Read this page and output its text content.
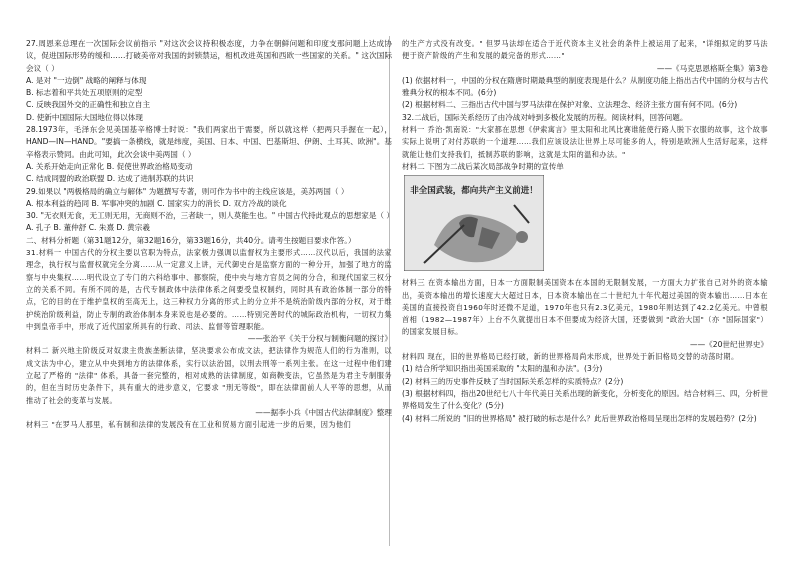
27.周恩来总理在一次国际会议前指示 "对这次会议持积极态度，力争在朝鲜问题和印度支那问题上达成协议，促进国际形势的缓和……打破美帝对我国的封锁禁运，相机改进英国和西欧一些国家的关系。" 这次国际会议（ ）

A. 是对 "一边倒" 战略的阐释与体现

B. 标志着和平共处五项原则的定型

C. 反映我国外交的正确性和独立自主

D. 使新中国国际大国地位得以体现

28.1973年，毛泽东会见美国基辛格博士时说："我们两家出于需要，所以就这样（把两只手握在一起），HAND—IN—HAND。"要搞一条横线，就是纬度，美国、日本、中国、巴基斯坦、伊朗、土耳其、欧洲"。基辛格表示赞同。由此可知，此次会谈中美两国（ ）

A. 关系开始走向正常化 B. 促使世界政治格局变动

C. 结成同盟的政治联盟 D. 达成了进制苏联的共识

29.如果以 "两极格局的确立与解体" 为题撰写专著，则可作为书中的主线应该是，美苏两国（ ）

A. 根本利益的趋同 B. 军事冲突的加剧 C. 国家实力的消长 D. 双方冷战的谈化

30. "无衣则无食，无工则无用，无商则不治，三者缺一，则人莫能生也。" 中国古代持此观点的思想家是（ ）

A. 孔子 B. 董仲舒 C. 朱熹 D. 黄宗羲

二、材料分析题（第31题12分，第32题16分，第33题16分，共40分。请考生按题目要求作答。）

31.材料一 中国古代的分权主要以官职为特点，法家极力强调以监督权为主要形式……汉代以后，我国的法家理念，执行权与监督权就完全分离……从一定意义上讲，元代御史台是监察方面的一种分开，加强了地方的监察与中央集权……明代设立了专门的六科给事中、都察院，使中央与地方官员之间的分合，和现代国家三权分立的关系不同。有所不同的是，古代专制政体中法律体系之间要受皇权制约，同时具有政治体制一部分的特点，它的目的在于维护皇权的至高无上，这三种权力分离的形式上的分立并不是统治阶级内部的分权，对于维护统治阶级利益，防止专制的政治体制本身来说也是必要的。……特别完善时代的城际政治机构，一切权力集中到皇帝手中，形成了近代国家所具有的行政、司法、监督等管理职能。

——张治平《关于分权与制衡问题的探讨》

材料二 新兴地主阶级反对奴隶主贵族垄断法律，坚决要求公布成文法，把法律作为规范人们的行为准则，以成文法为中心，建立从中央到地方的法律体系，实行以法治国，以刑去刑等一系列主张。在这一过程中他们建立起了严格的 "法律" 体系，具备一套完整的，相对成熟的法律制度，如商鞅变法，它虽然是为君主专制服务的，但在当时历史条件下，具有重大的进步意义，它要求 "刑无等级"，即在法律面前人人平等的思想，从而推动了社会的变革与发展。

——据李小兵《中国古代法律制度》整理

材料三 "在罗马人那里，私有制和法律的发展没有在工业和贸易方面引起进一步的后果，因为他们

的生产方式没有改变。" 但罗马法却在适合于近代资本主义社会的条件上被运用了起来，"详细拟定的罗马法便于资产阶级的产生和发展的最完备的形式……"

——《马克思恩格斯全集》第3卷

(1) 依据材料一，中国的分权在隋唐时期最典型的制度表现是什么？从制度功能上指出古代中国的分权与古代雅典分权的根本不同。(6分)

(2) 根据材料二、三指出古代中国与罗马法律在保护对象、立法理念、经济主张方面有何不同。(6分)

32.二战后，国际关系经历了由冷战对峙到多极化发展的历程。阅读材料，回答问题。

材料一 乔治·凯南说："大家都在思想《伊索寓言》里太阳和北风比赛谁能使行路人脱下衣服的故事，这个故事实际上说明了对付苏联的一个道理……我们应该设法让世界上尽可能多的人，特别是欧洲人生活好起来，这样就能让他们支持我们，抵制苏联的影响，这就是太阳的温和办法。"

材料二 下图为二战后某次局部战争时期的宣传单

非全国武装，都向共产主义前进！

材料三 在资本输出方面，日本一方面限制美国资本在本国的无限制发展，一方面大力扩张自己对外的资本输出，美资本输出的增长速度大大超过日本，日本资本输出在二十世纪九十年代超过美国的资本输出……日本在美国的直接投资自1960年时还微不足道，1970年也只有2.3亿美元，1980年则达到了42.2亿美元。中曾根首相（1982—1987年）上台不久就提出日本不但要成为经济大国，还要做到 "政治大国"（亦 "国际国家"）的国家发展目标。

——《20世纪世界史》

材料四 现在，旧的世界格局已经打破，新的世界格局尚未形成，世界处于新旧格局交替的动荡时期。

(1) 结合所学知识指出美国采取的 "太阳的温和办法"。(3分)

(2) 材料三的历史事件反映了当时国际关系怎样的实质特点？(2分)

(3) 根据材料四，指出20世纪七八十年代美日关系出现的新变化，分析变化的原因。结合材料三、四，分析世界格局发生了什么变化？(5分)

(4) 材料二所说的 "旧的世界格局" 被打破的标志是什么？此后世界政治格局呈现出怎样的发展趋势？(2分)
